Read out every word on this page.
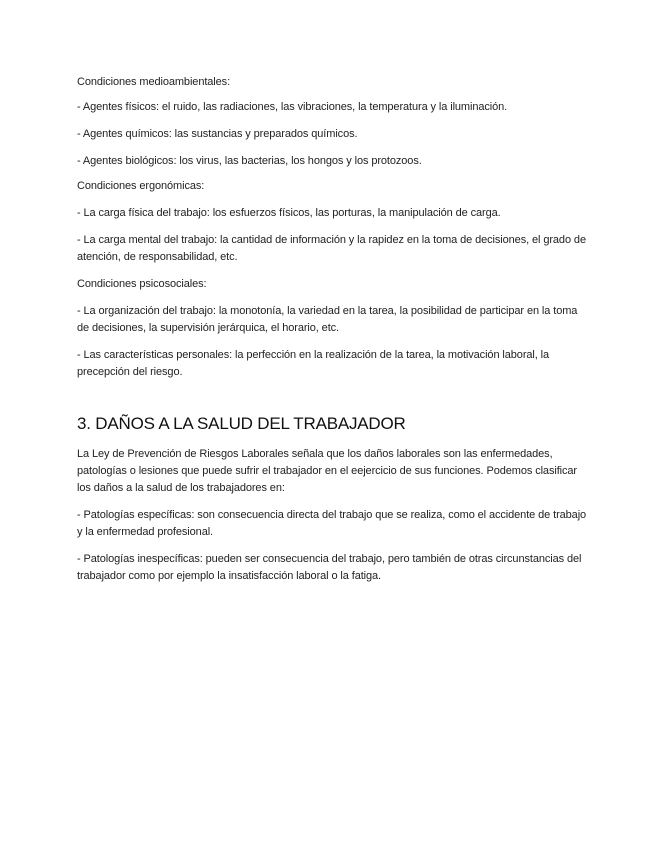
Condiciones medioambientales:

- Agentes físicos: el ruido, las radiaciones, las vibraciones, la temperatura y la iluminación.

- Agentes químicos: las sustancias y preparados químicos.

- Agentes biológicos: los virus, las bacterias, los hongos y los protozoos.

Condiciones ergonómicas:

- La carga física del trabajo: los esfuerzos físicos, las porturas, la manipulación de carga.

- La carga mental del trabajo: la cantidad de información y la rapidez en la toma de decisiones, el grado de atención, de responsabilidad, etc.

Condiciones psicosociales:

- La organización del trabajo: la monotonía, la variedad en la tarea, la posibilidad de participar en la toma de decisiones, la supervisión jerárquica, el horario, etc.

- Las características personales: la perfección en la realización de la tarea, la motivación laboral, la precepción del riesgo.

3. DAÑOS A LA SALUD DEL TRABAJADOR

La Ley de Prevención de Riesgos Laborales señala que los daños laborales son las enfermedades, patologías o lesiones que puede sufrir el trabajador en el eejercicio de sus funciones. Podemos clasificar los daños a la salud de los trabajadores en:

- Patologías específicas: son consecuencia directa del trabajo que se realiza, como el accidente de trabajo y la enfermedad profesional.

- Patologías inespecíficas: pueden ser consecuencia del trabajo, pero también de otras circunstancias del trabajador como por ejemplo la insatisfacción laboral o la fatiga.
